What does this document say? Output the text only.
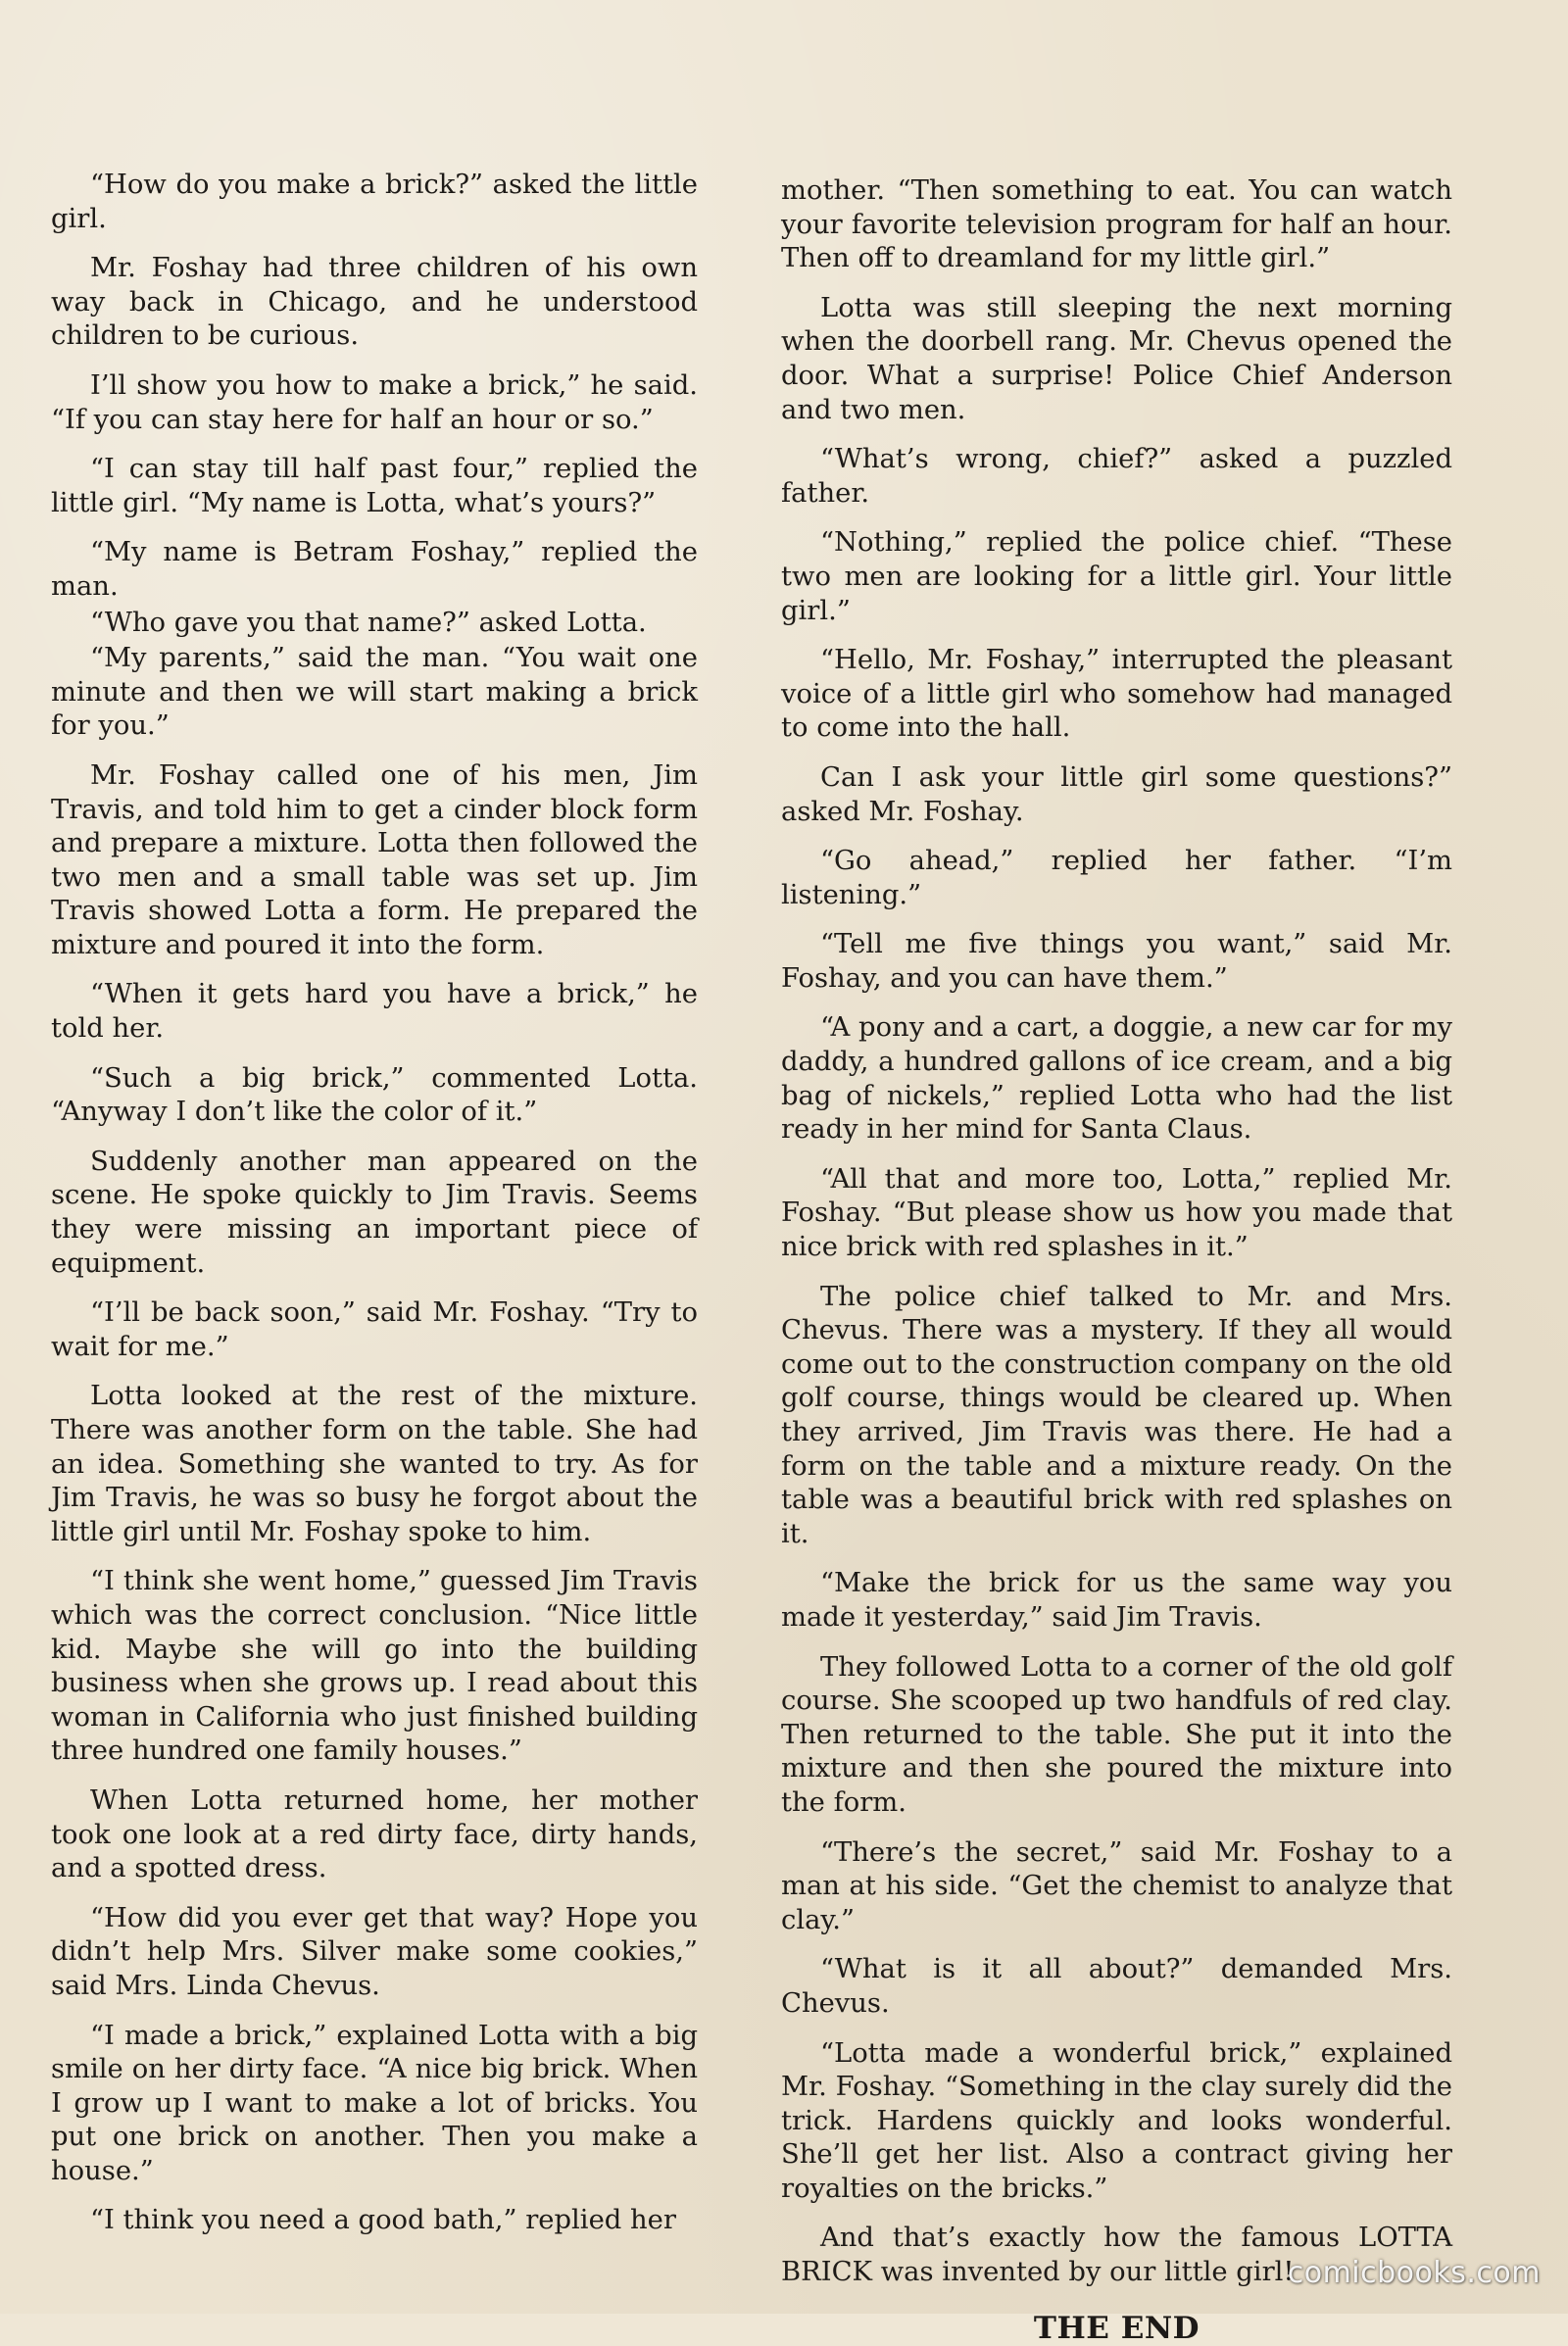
“How do you make a brick?” asked the little girl.

Mr. Foshay had three children of his own way back in Chicago, and he understood children to be curious.

I’ll show you how to make a brick,” he said. “If you can stay here for half an hour or so.”

“I can stay till half past four,” replied the little girl. “My name is Lotta, what’s yours?”

“My name is Betram Foshay,” replied the man.

“Who gave you that name?” asked Lotta.

“My parents,” said the man. “You wait one minute and then we will start making a brick for you.”

Mr. Foshay called one of his men, Jim Travis, and told him to get a cinder block form and prepare a mixture. Lotta then followed the two men and a small table was set up. Jim Travis showed Lotta a form. He prepared the mixture and poured it into the form.

“When it gets hard you have a brick,” he told her.

“Such a big brick,” commented Lotta. “Anyway I don’t like the color of it.”

Suddenly another man appeared on the scene. He spoke quickly to Jim Travis. Seems they were missing an important piece of equipment.

“I’ll be back soon,” said Mr. Foshay. “Try to wait for me.”

Lotta looked at the rest of the mixture. There was another form on the table. She had an idea. Something she wanted to try. As for Jim Travis, he was so busy he forgot about the little girl until Mr. Foshay spoke to him.

“I think she went home,” guessed Jim Travis which was the correct conclusion. “Nice little kid. Maybe she will go into the building business when she grows up. I read about this woman in California who just finished building three hundred one family houses.”

When Lotta returned home, her mother took one look at a red dirty face, dirty hands, and a spotted dress.

“How did you ever get that way? Hope you didn’t help Mrs. Silver make some cookies,” said Mrs. Linda Chevus.

“I made a brick,” explained Lotta with a big smile on her dirty face. “A nice big brick. When I grow up I want to make a lot of bricks. You put one brick on another. Then you make a house.”

“I think you need a good bath,” replied her

mother. “Then something to eat. You can watch your favorite television program for half an hour. Then off to dreamland for my little girl.”

Lotta was still sleeping the next morning when the doorbell rang. Mr. Chevus opened the door. What a surprise! Police Chief Anderson and two men.

“What’s wrong, chief?” asked a puzzled father.

“Nothing,” replied the police chief. “These two men are looking for a little girl. Your little girl.”

“Hello, Mr. Foshay,” interrupted the pleasant voice of a little girl who somehow had managed to come into the hall.

Can I ask your little girl some questions?” asked Mr. Foshay.

“Go ahead,” replied her father. “I’m listening.”

“Tell me five things you want,” said Mr. Foshay, and you can have them.”

“A pony and a cart, a doggie, a new car for my daddy, a hundred gallons of ice cream, and a big bag of nickels,” replied Lotta who had the list ready in her mind for Santa Claus.

“All that and more too, Lotta,” replied Mr. Foshay. “But please show us how you made that nice brick with red splashes in it.”

The police chief talked to Mr. and Mrs. Chevus. There was a mystery. If they all would come out to the construction company on the old golf course, things would be cleared up. When they arrived, Jim Travis was there. He had a form on the table and a mixture ready. On the table was a beautiful brick with red splashes on it.

“Make the brick for us the same way you made it yesterday,” said Jim Travis.

They followed Lotta to a corner of the old golf course. She scooped up two handfuls of red clay. Then returned to the table. She put it into the mixture and then she poured the mixture into the form.

“There’s the secret,” said Mr. Foshay to a man at his side. “Get the chemist to analyze that clay.”

“What is it all about?” demanded Mrs. Chevus.

“Lotta made a wonderful brick,” explained Mr. Foshay. “Something in the clay surely did the trick. Hardens quickly and looks wonderful. She’ll get her list. Also a contract giving her royalties on the bricks.”

And that’s exactly how the famous LOTTA BRICK was invented by our little girl!

THE END
comicbooks.com
